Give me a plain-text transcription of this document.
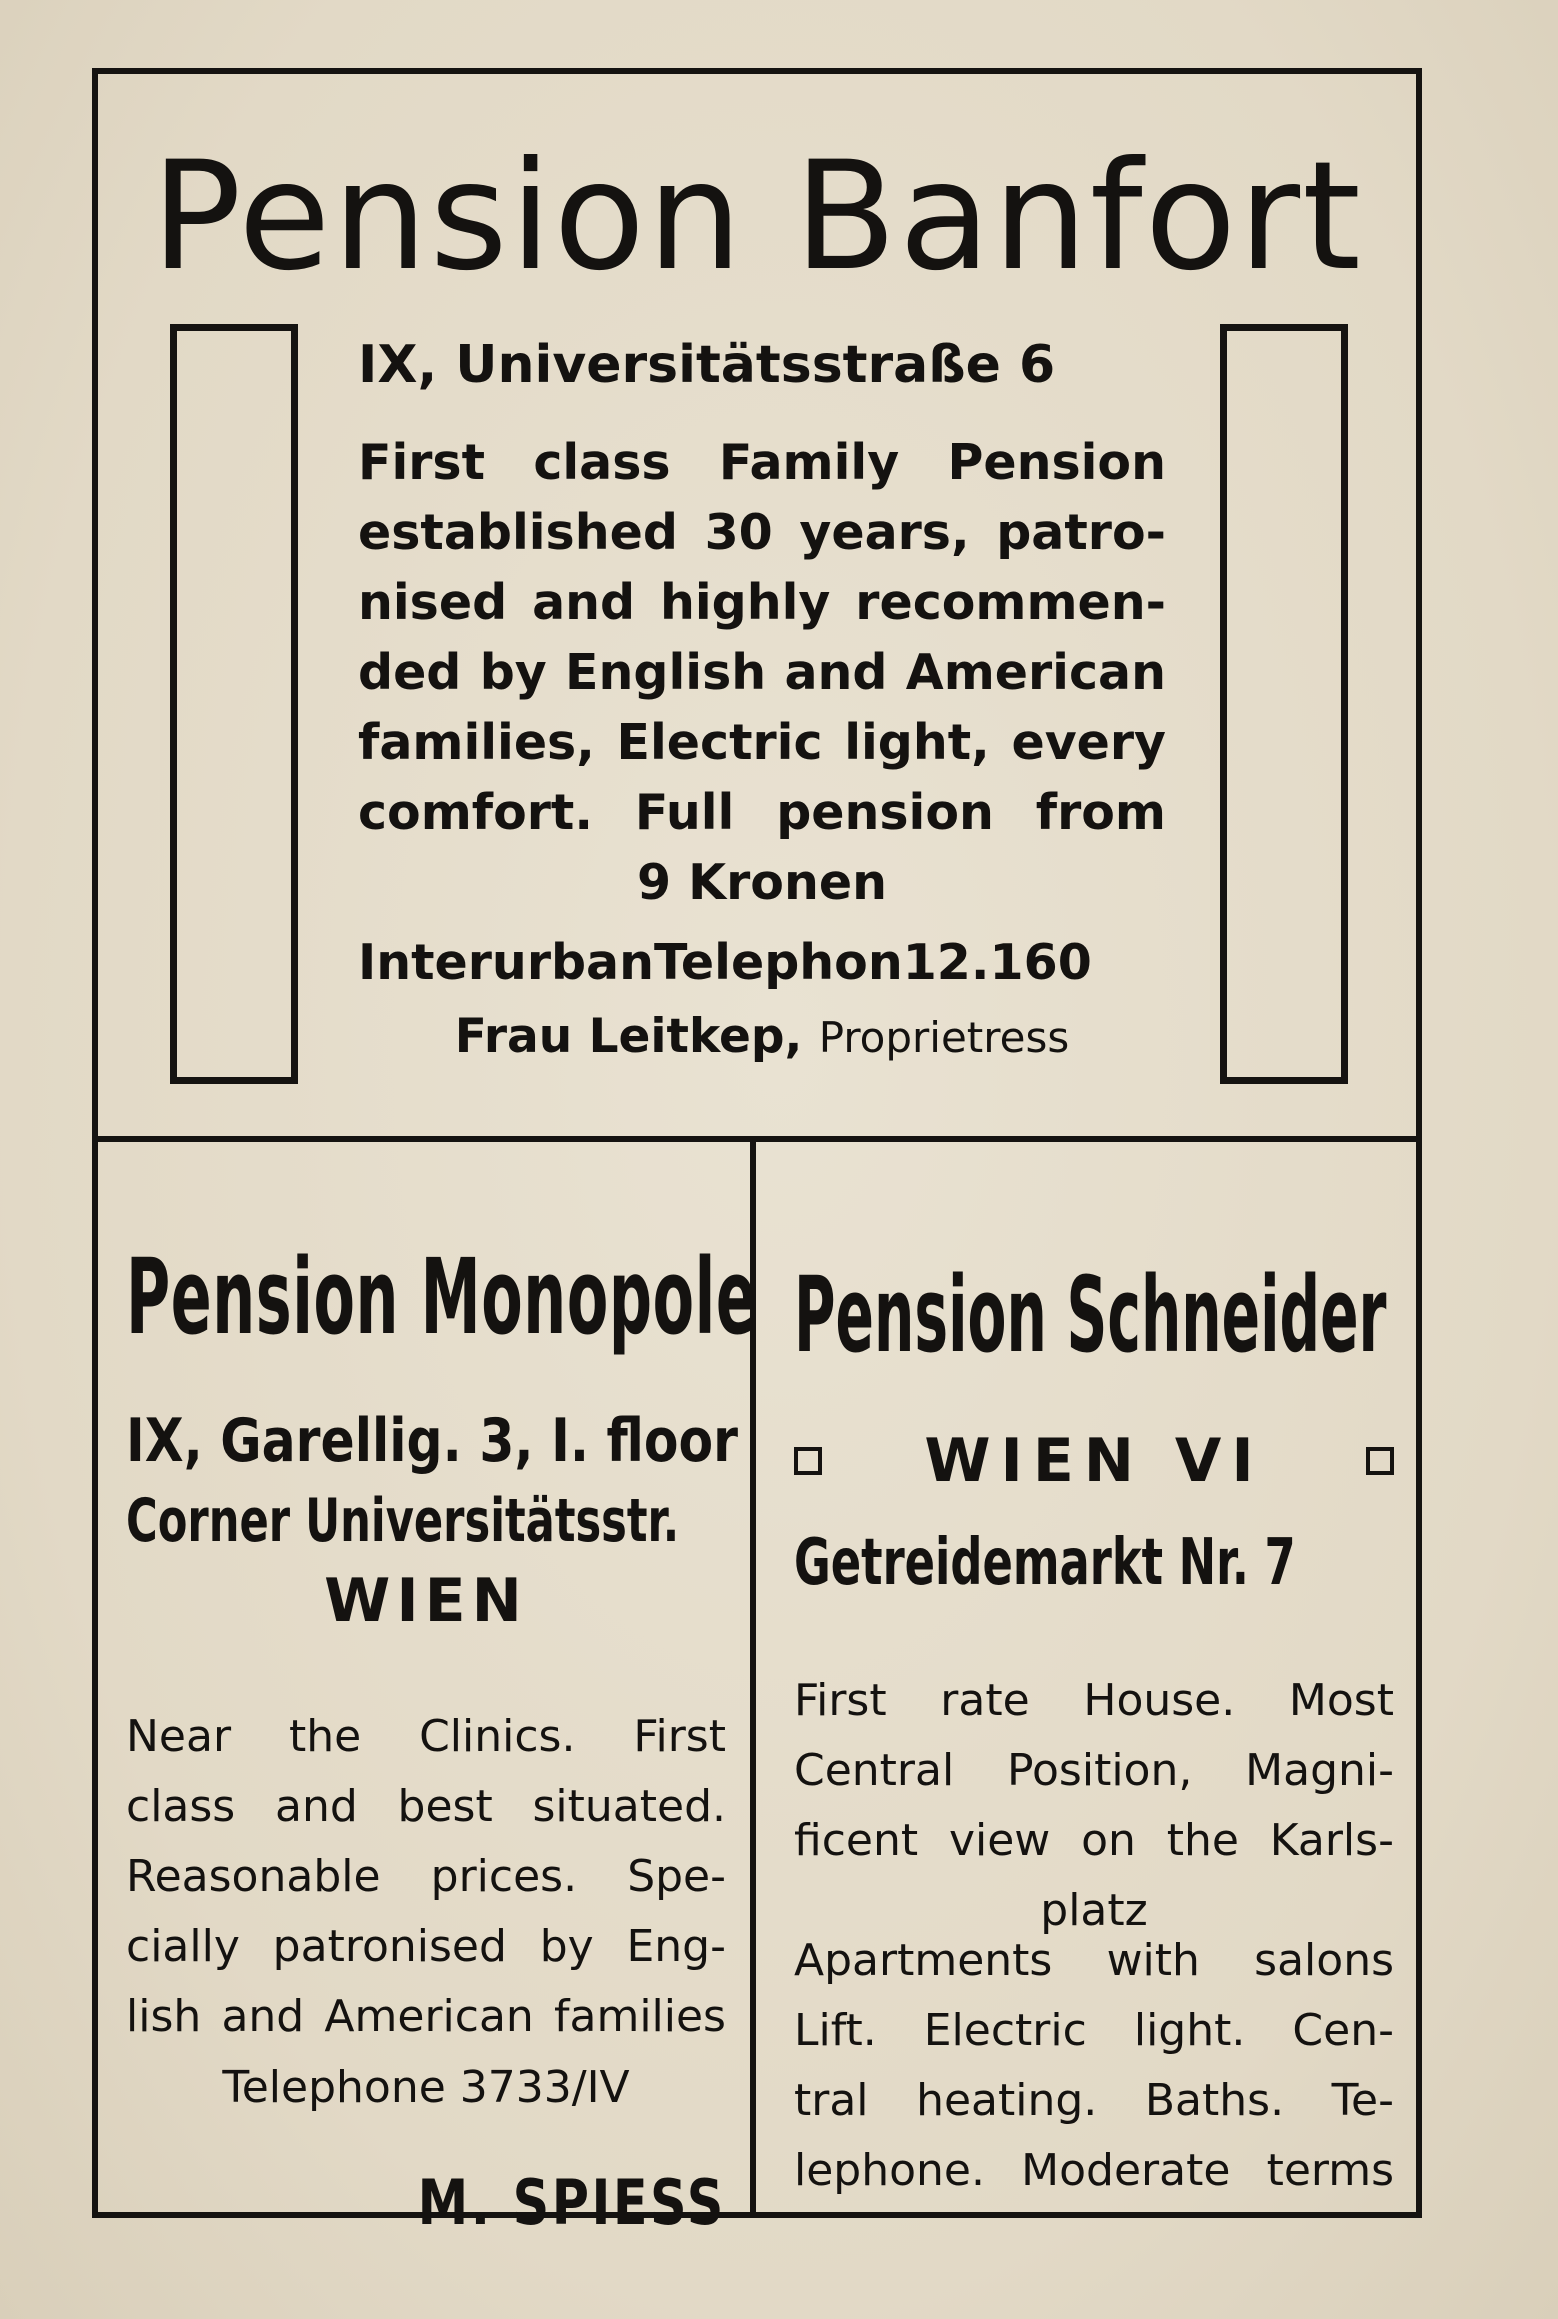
Pension Banfort
IX, Universitätsstraße 6
First class Family Pension
established 30 years, patro-
nised and highly recommen-
ded by English and American
families, Electric light, every
comfort. Full pension from
9 Kronen
InterurbanTelephon12.160
Frau Leitkep, Proprietress
Pension Monopole
IX, Garellig. 3, I. floor
Corner Universitätsstr.
WIEN
Near the Clinics. First
class and best situated.
Reasonable prices. Spe-
cially patronised by Eng-
lish and American families
Telephone 3733/IV
M. SPIESS
Pension Schneider
WIEN VI
Getreidemarkt Nr. 7
First rate House. Most
Central Position, Magni-
ficent view on the Karls-
platz
Apartments with salons
Lift. Electric light. Cen-
tral heating. Baths. Te-
lephone. Moderate terms
